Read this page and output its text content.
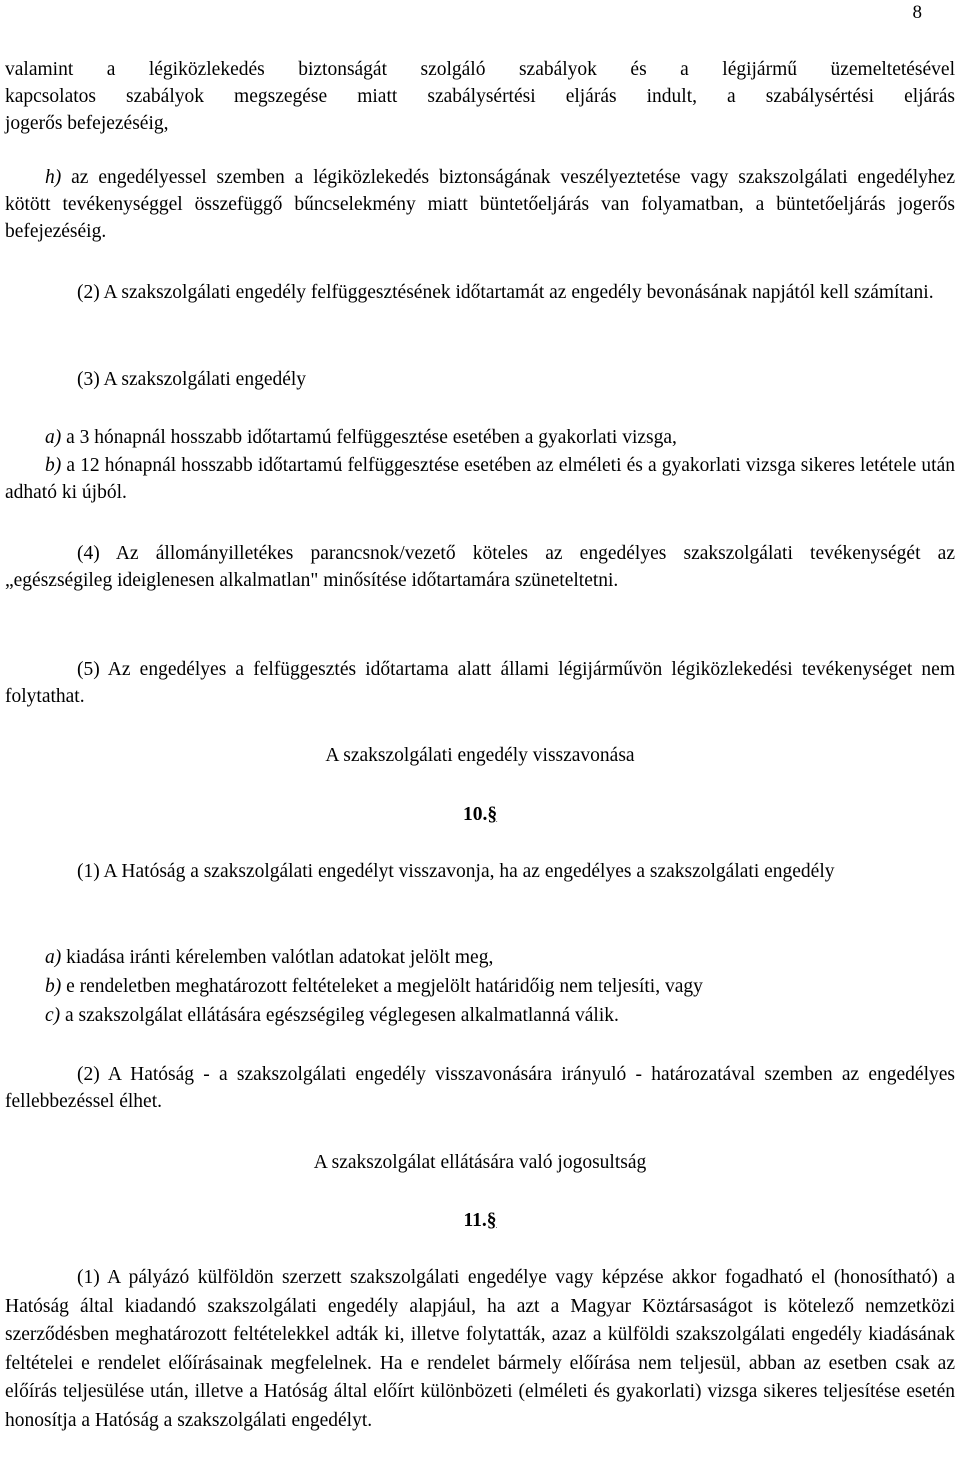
8
valamint a légiközlekedés biztonságát szolgáló szabályok és a légijármű üzemeltetésével
kapcsolatos szabályok megszegése miatt szabálysértési eljárás indult, a szabálysértési eljárás
jogerős befejezéséig,

h) az engedélyessel szemben a légiközlekedés biztonságának veszélyeztetése vagy szakszolgálati engedélyhez kötött tevékenységgel összefüggő bűncselekmény miatt büntetőeljárás van folyamatban, a büntetőeljárás jogerős befejezéséig.

(2) A szakszolgálati engedély felfüggesztésének időtartamát az engedély bevonásának napjától kell számítani.

(3) A szakszolgálati engedély

a) a 3 hónapnál hosszabb időtartamú felfüggesztése esetében a gyakorlati vizsga,

b) a 12 hónapnál hosszabb időtartamú felfüggesztése esetében az elméleti és a gyakorlati vizsga sikeres letétele után adható ki újból.

(4) Az állományilletékes parancsnok/vezető köteles az engedélyes szakszolgálati tevékenységét az „egészségileg ideiglenesen alkalmatlan" minősítése időtartamára szüneteltetni.

(5) Az engedélyes a felfüggesztés időtartama alatt állami légijárművön légiközlekedési tevékenységet nem folytathat.

A szakszolgálati engedély visszavonása

10.§

(1) A Hatóság a szakszolgálati engedélyt visszavonja, ha az engedélyes a szakszolgálati engedély

a) kiadása iránti kérelemben valótlan adatokat jelölt meg,

b) e rendeletben meghatározott feltételeket a megjelölt határidőig nem teljesíti, vagy

c) a szakszolgálat ellátására egészségileg véglegesen alkalmatlanná válik.

(2) A Hatóság - a szakszolgálati engedély visszavonására irányuló - határozatával szemben az engedélyes fellebbezéssel élhet.

A szakszolgálat ellátására való jogosultság

11.§

(1) A pályázó külföldön szerzett szakszolgálati engedélye vagy képzése akkor fogadható el (honosítható) a Hatóság által kiadandó szakszolgálati engedély alapjául, ha azt a Magyar Köztársaságot is kötelező nemzetközi szerződésben meghatározott feltételekkel adták ki, illetve folytatták, azaz a külföldi szakszolgálati engedély kiadásának feltételei e rendelet előírásainak megfelelnek. Ha e rendelet bármely előírása nem teljesül, abban az esetben csak az előírás teljesülése után, illetve a Hatóság által előírt különbözeti (elméleti és gyakorlati) vizsga sikeres teljesítése esetén honosítja a Hatóság a szakszolgálati engedélyt.
